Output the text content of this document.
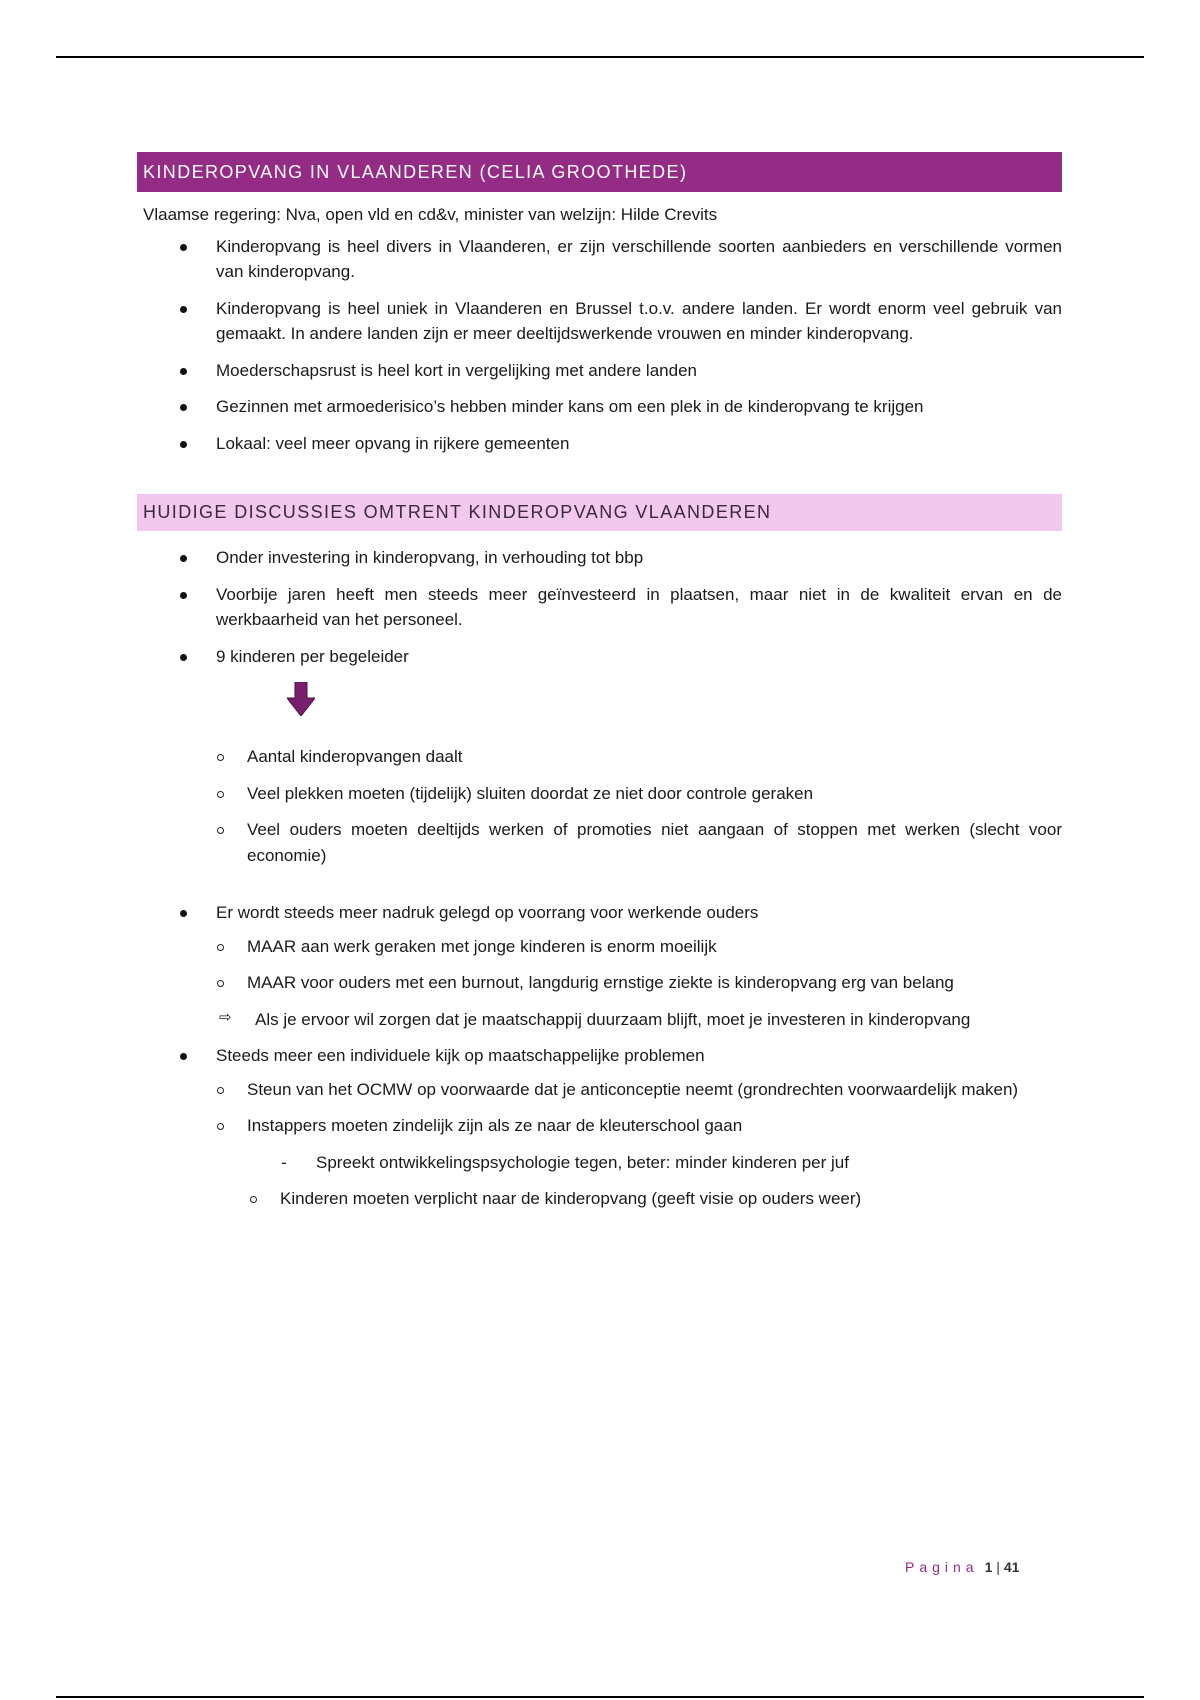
KINDEROPVANG IN VLAANDEREN (CELIA GROOTHEDE)
Vlaamse regering: Nva, open vld en cd&v, minister van welzijn: Hilde Crevits
Kinderopvang is heel divers in Vlaanderen, er zijn verschillende soorten aanbieders en verschillende vormen van kinderopvang.
Kinderopvang is heel uniek in Vlaanderen en Brussel t.o.v. andere landen. Er wordt enorm veel gebruik van gemaakt. In andere landen zijn er meer deeltijdswerkende vrouwen en minder kinderopvang.
Moederschapsrust is heel kort in vergelijking met andere landen
Gezinnen met armoederisico’s hebben minder kans om een plek in de kinderopvang te krijgen
Lokaal: veel meer opvang in rijkere gemeenten
HUIDIGE DISCUSSIES OMTRENT KINDEROPVANG VLAANDEREN
Onder investering in kinderopvang, in verhouding tot bbp
Voorbije jaren heeft men steeds meer geïnvesteerd in plaatsen, maar niet in de kwaliteit ervan en de werkbaarheid van het personeel.
9 kinderen per begeleider
Aantal kinderopvangen daalt
Veel plekken moeten (tijdelijk) sluiten doordat ze niet door controle geraken
Veel ouders moeten deeltijds werken of promoties niet aangaan of stoppen met werken (slecht voor economie)
Er wordt steeds meer nadruk gelegd op voorrang voor werkende ouders
MAAR aan werk geraken met jonge kinderen is enorm moeilijk
MAAR voor ouders met een burnout, langdurig ernstige ziekte is kinderopvang erg van belang
⇨ Als je ervoor wil zorgen dat je maatschappij duurzaam blijft, moet je investeren in kinderopvang
Steeds meer een individuele kijk op maatschappelijke problemen
Steun van het OCMW op voorwaarde dat je anticonceptie neemt (grondrechten voorwaardelijk maken)
Instappers moeten zindelijk zijn als ze naar de kleuterschool gaan
- Spreekt ontwikkelingspsychologie tegen, beter: minder kinderen per juf
Kinderen moeten verplicht naar de kinderopvang (geeft visie op ouders weer)
Pagina 1 | 41
